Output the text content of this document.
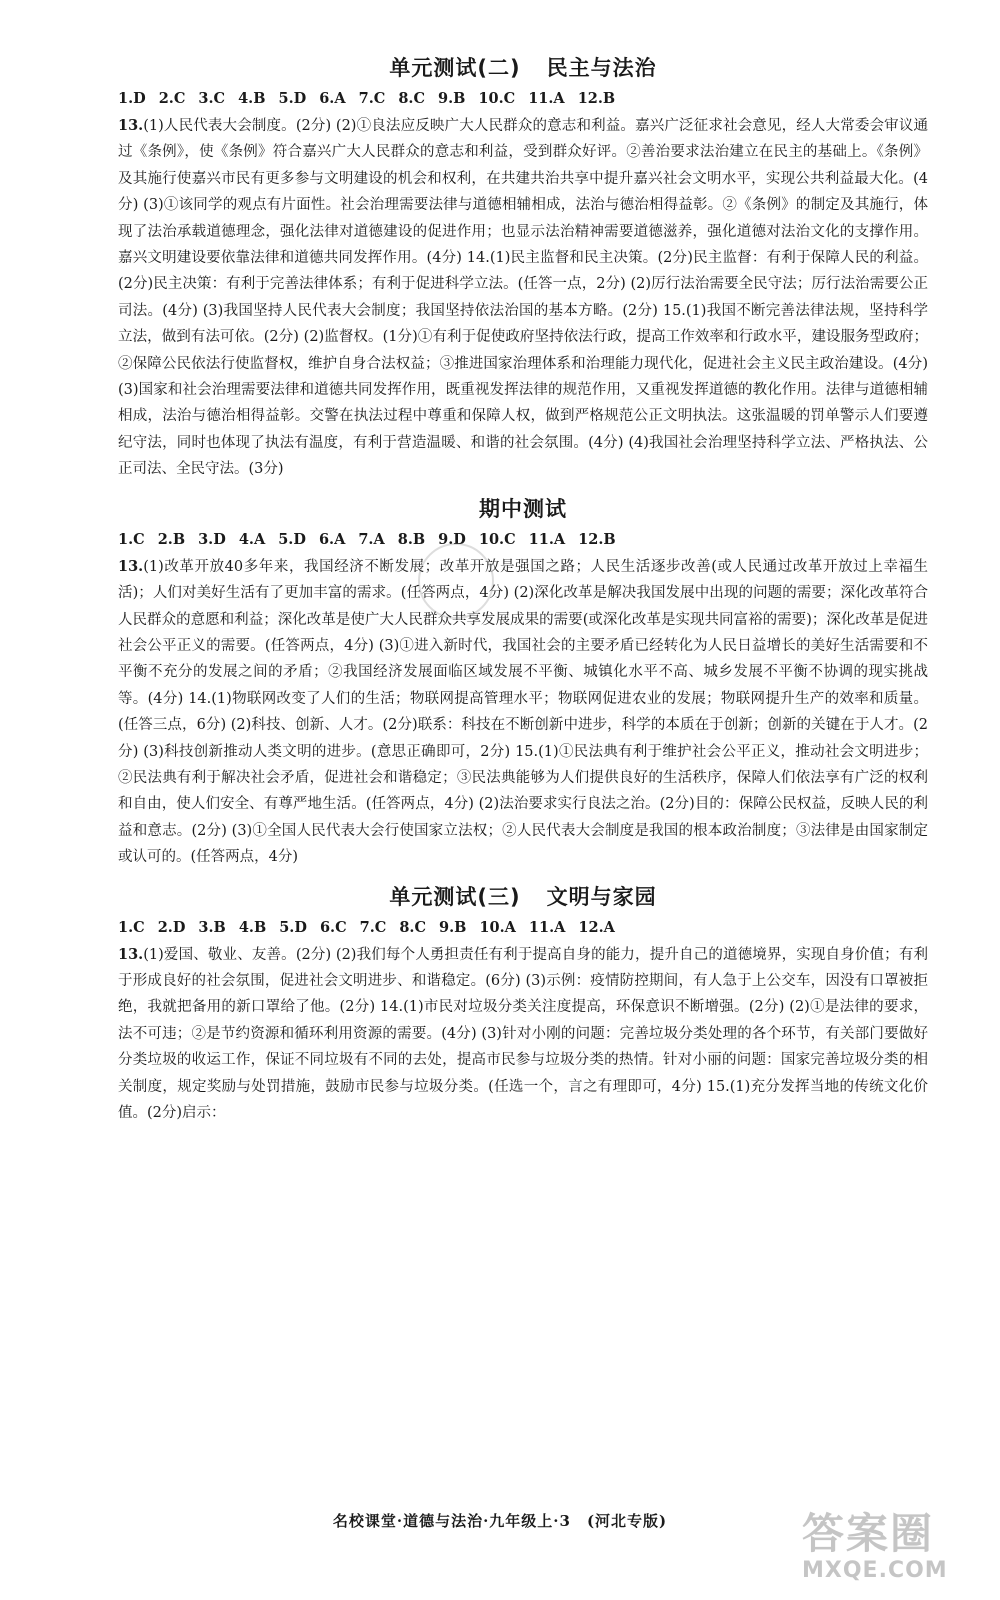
单元测试(二) 民主与法治
1.D 2.C 3.C 4.B 5.D 6.A 7.C 8.C 9.B 10.C 11.A 12.B

13.(1)人民代表大会制度。(2分) (2)①良法应反映广大人民群众的意志和利益。嘉兴广泛征求社会意见，经人大常委会审议通过《条例》，使《条例》符合嘉兴广大人民群众的意志和利益，受到群众好评。②善治要求法治建立在民主的基础上。《条例》及其施行使嘉兴市民有更多参与文明建设的机会和权利，在共建共治共享中提升嘉兴社会文明水平，实现公共利益最大化。(4分) (3)①该同学的观点有片面性。社会治理需要法律与道德相辅相成，法治与德治相得益彰。②《条例》的制定及其施行，体现了法治承载道德理念，强化法律对道德建设的促进作用；也显示法治精神需要道德滋养，强化道德对法治文化的支撑作用。嘉兴文明建设要依靠法律和道德共同发挥作用。(4分) 14.(1)民主监督和民主决策。(2分)民主监督：有利于保障人民的利益。(2分)民主决策：有利于完善法律体系；有利于促进科学立法。(任答一点，2分) (2)厉行法治需要全民守法；厉行法治需要公正司法。(4分) (3)我国坚持人民代表大会制度；我国坚持依法治国的基本方略。(2分) 15.(1)我国不断完善法律法规，坚持科学立法，做到有法可依。(2分) (2)监督权。(1分)①有利于促使政府坚持依法行政，提高工作效率和行政水平，建设服务型政府；②保障公民依法行使监督权，维护自身合法权益；③推进国家治理体系和治理能力现代化，促进社会主义民主政治建设。(4分) (3)国家和社会治理需要法律和道德共同发挥作用，既重视发挥法律的规范作用，又重视发挥道德的教化作用。法律与道德相辅相成，法治与德治相得益彰。交警在执法过程中尊重和保障人权，做到严格规范公正文明执法。这张温暖的罚单警示人们要遵纪守法，同时也体现了执法有温度，有利于营造温暖、和谐的社会氛围。(4分) (4)我国社会治理坚持科学立法、严格执法、公正司法、全民守法。(3分)

期中测试
1.C 2.B 3.D 4.A 5.D 6.A 7.A 8.B 9.D 10.C 11.A 12.B

13.(1)改革开放40多年来，我国经济不断发展；改革开放是强国之路；人民生活逐步改善(或人民通过改革开放过上幸福生活)；人们对美好生活有了更加丰富的需求。(任答两点，4分) (2)深化改革是解决我国发展中出现的问题的需要；深化改革符合人民群众的意愿和利益；深化改革是使广大人民群众共享发展成果的需要(或深化改革是实现共同富裕的需要)；深化改革是促进社会公平正义的需要。(任答两点，4分) (3)①进入新时代，我国社会的主要矛盾已经转化为人民日益增长的美好生活需要和不平衡不充分的发展之间的矛盾；②我国经济发展面临区域发展不平衡、城镇化水平不高、城乡发展不平衡不协调的现实挑战等。(4分) 14.(1)物联网改变了人们的生活；物联网提高管理水平；物联网促进农业的发展；物联网提升生产的效率和质量。(任答三点，6分) (2)科技、创新、人才。(2分)联系：科技在不断创新中进步，科学的本质在于创新；创新的关键在于人才。(2分) (3)科技创新推动人类文明的进步。(意思正确即可，2分) 15.(1)①民法典有利于维护社会公平正义，推动社会文明进步；②民法典有利于解决社会矛盾，促进社会和谐稳定；③民法典能够为人们提供良好的生活秩序，保障人们依法享有广泛的权利和自由，使人们安全、有尊严地生活。(任答两点，4分) (2)法治要求实行良法之治。(2分)目的：保障公民权益，反映人民的利益和意志。(2分) (3)①全国人民代表大会行使国家立法权；②人民代表大会制度是我国的根本政治制度；③法律是由国家制定或认可的。(任答两点，4分)

单元测试(三) 文明与家园
1.C 2.D 3.B 4.B 5.D 6.C 7.C 8.C 9.B 10.A 11.A 12.A

13.(1)爱国、敬业、友善。(2分) (2)我们每个人勇担责任有利于提高自身的能力，提升自己的道德境界，实现自身价值；有利于形成良好的社会氛围，促进社会文明进步、和谐稳定。(6分) (3)示例：疫情防控期间，有人急于上公交车，因没有口罩被拒绝，我就把备用的新口罩给了他。(2分) 14.(1)市民对垃圾分类关注度提高，环保意识不断增强。(2分) (2)①是法律的要求，法不可违；②是节约资源和循环利用资源的需要。(4分) (3)针对小刚的问题：完善垃圾分类处理的各个环节，有关部门要做好分类垃圾的收运工作，保证不同垃圾有不同的去处，提高市民参与垃圾分类的热情。针对小丽的问题：国家完善垃圾分类的相关制度，规定奖励与处罚措施，鼓励市民参与垃圾分类。(任选一个，言之有理即可，4分) 15.(1)充分发挥当地的传统文化价值。(2分)启示：

名校课堂·道德与法治·九年级上·3　(河北专版)	答案圈
MXQE.COM
